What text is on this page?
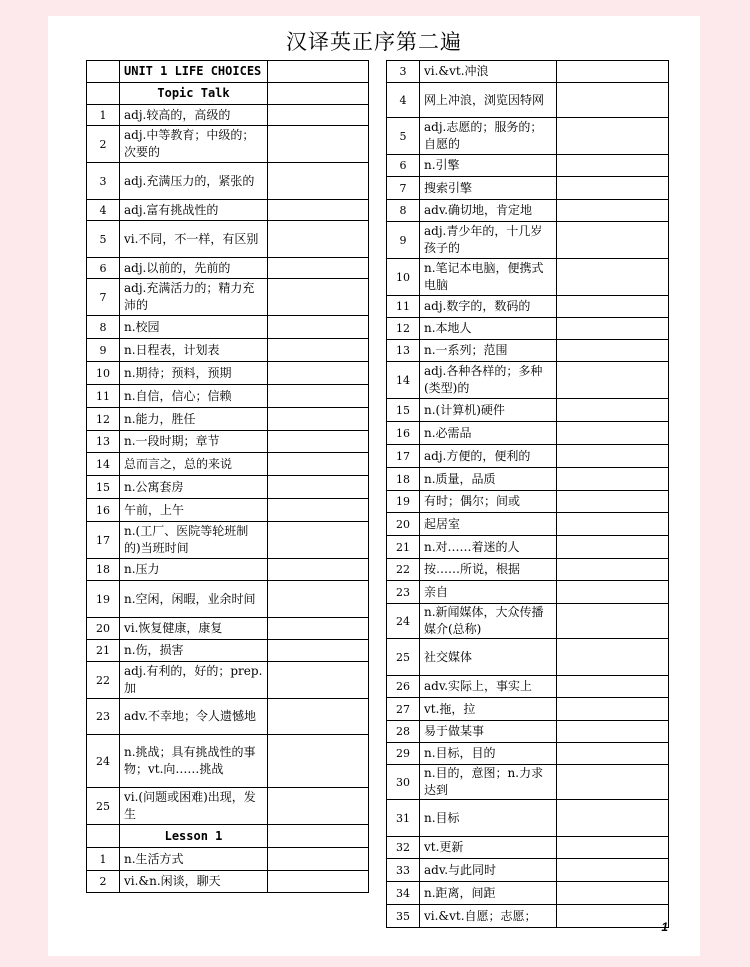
汉译英正序第二遍
	UNIT 1 LIFE CHOICES	
	Topic Talk	
1	adj.较高的，高级的	
2	adj.中等教育；中级的；次要的	
3	adj.充满压力的，紧张的	
4	adj.富有挑战性的	
5	vi.不同，不一样，有区别	
6	adj.以前的，先前的	
7	adj.充满活力的；精力充沛的	
8	n.校园	
9	n.日程表，计划表	
10	n.期待；预料，预期	
11	n.自信，信心；信赖	
12	n.能力，胜任	
13	n.一段时期；章节	
14	总而言之，总的来说	
15	n.公寓套房	
16	午前，上午	
17	n.(工厂、医院等轮班制的)当班时间	
18	n.压力	
19	n.空闲，闲暇，业余时间	
20	vi.恢复健康，康复	
21	n.伤，损害	
22	adj.有利的，好的；prep.加	
23	adv.不幸地；令人遗憾地	
24	n.挑战；具有挑战性的事物；vt.向……挑战	
25	vi.(问题或困难)出现，发生	
	Lesson 1	
1	n.生活方式	
2	vi.&n.闲谈，聊天	
3	vi.&vt.冲浪	
4	网上冲浪，浏览因特网	
5	adj.志愿的；服务的；自愿的	
6	n.引擎	
7	搜索引擎	
8	adv.确切地，肯定地	
9	adj.青少年的，十几岁孩子的	
10	n.笔记本电脑，便携式电脑	
11	adj.数字的，数码的	
12	n.本地人	
13	n.一系列；范围	
14	adj.各种各样的；多种(类型)的	
15	n.(计算机)硬件	
16	n.必需品	
17	adj.方便的，便利的	
18	n.质量，品质	
19	有时；偶尔；间或	
20	起居室	
21	n.对……着迷的人	
22	按……所说，根据	
23	亲自	
24	n.新闻媒体，大众传播媒介(总称)	
25	社交媒体	
26	adv.实际上，事实上	
27	vt.拖，拉	
28	易于做某事	
29	n.目标，目的	
30	n.目的，意图；n.力求达到	
31	n.目标	
32	vt.更新	
33	adv.与此同时	
34	n.距离，间距	
35	vi.&vt.自愿；志愿；	
1
